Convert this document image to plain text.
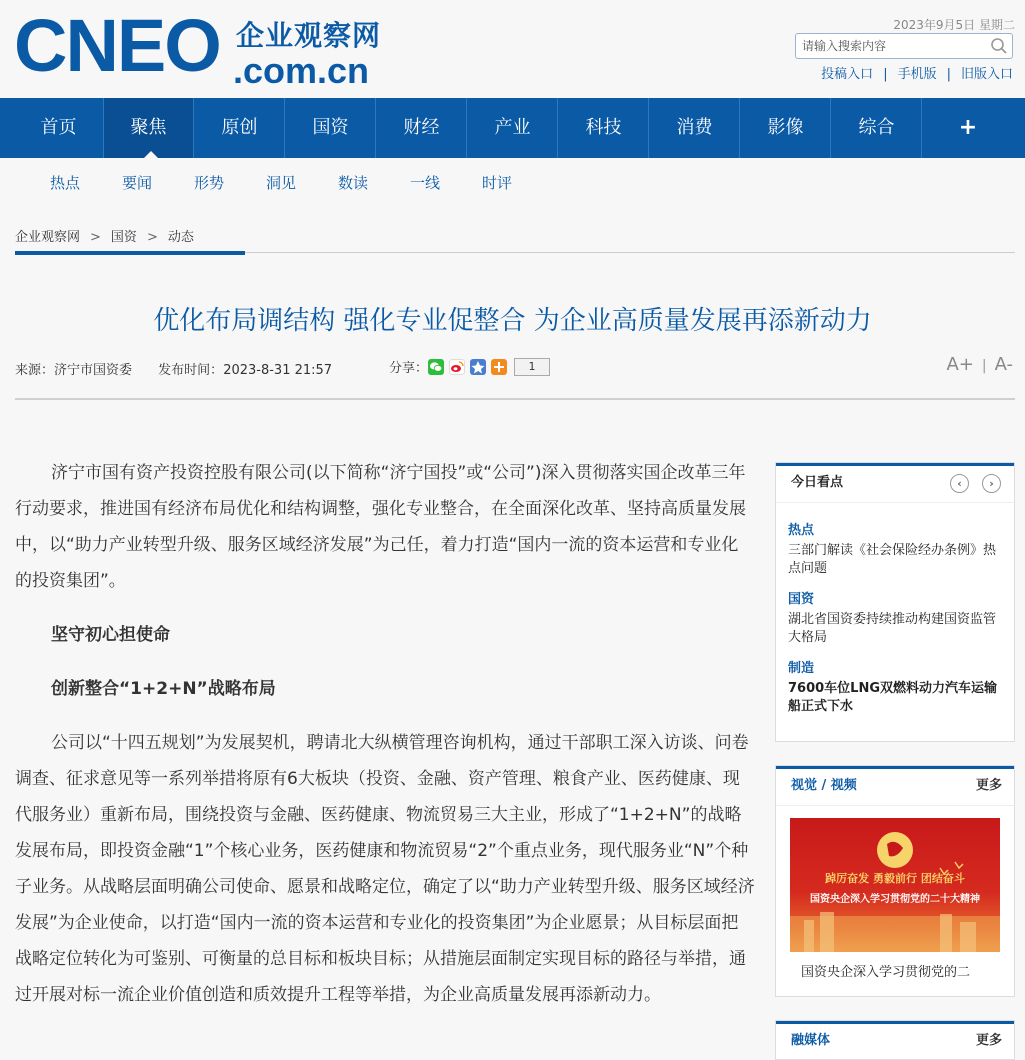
CNEO 企业观察网
.com.cn
2023年9月5日 星期二
请输入搜索内容
投稿入口 | 手机版 | 旧版入口
首页	聚焦	原创	国资	财经	产业	科技	消费	影像	综合	+
热点	要闻	形势	洞见	数读	一线	时评
企业观察网 > 国资 > 动态
优化布局调结构 强化专业促整合 为企业高质量发展再添新动力
来源：济宁市国资委 发布时间：2023-8-31 21:57	分享：	1	A+ | A-

济宁市国有资产投资控股有限公司(以下简称“济宁国投”或“公司”)深入贯彻落实国企改革三年行动要求，推进国有经济布局优化和结构调整，强化专业整合，在全面深化改革、坚持高质量发展中，以“助力产业转型升级、服务区域经济发展”为己任，着力打造“国内一流的资本运营和专业化的投资集团”。

坚守初心担使命
创新整合“1+2+N”战略布局

公司以“十四五规划”为发展契机，聘请北大纵横管理咨询机构，通过干部职工深入访谈、问卷调查、征求意见等一系列举措将原有6大板块（投资、金融、资产管理、粮食产业、医药健康、现代服务业）重新布局，围绕投资与金融、医药健康、物流贸易三大主业，形成了“1+2+N”的战略发展布局，即投资金融“1”个核心业务，医药健康和物流贸易“2”个重点业务，现代服务业“N”个种子业务。从战略层面明确公司使命、愿景和战略定位，确定了以“助力产业转型升级、服务区域经济发展”为企业使命，以打造“国内一流的资本运营和专业化的投资集团”为企业愿景；从目标层面把战略定位转化为可鉴别、可衡量的总目标和板块目标；从措施层面制定实现目标的路径与举措，通过开展对标一流企业价值创造和质效提升工程等举措，为企业高质量发展再添新动力。

今日看点	‹	›
热点
三部门解读《社会保险经办条例》热点问题
国资
湖北省国资委持续推动构建国资监管大格局
制造
7600车位LNG双燃料动力汽车运输船正式下水
视觉 / 视频	更多
踔厉奋发 勇毅前行 团结奋斗
国资央企深入学习贯彻党的二十大精神
国资央企深入学习贯彻党的二
融媒体	更多
